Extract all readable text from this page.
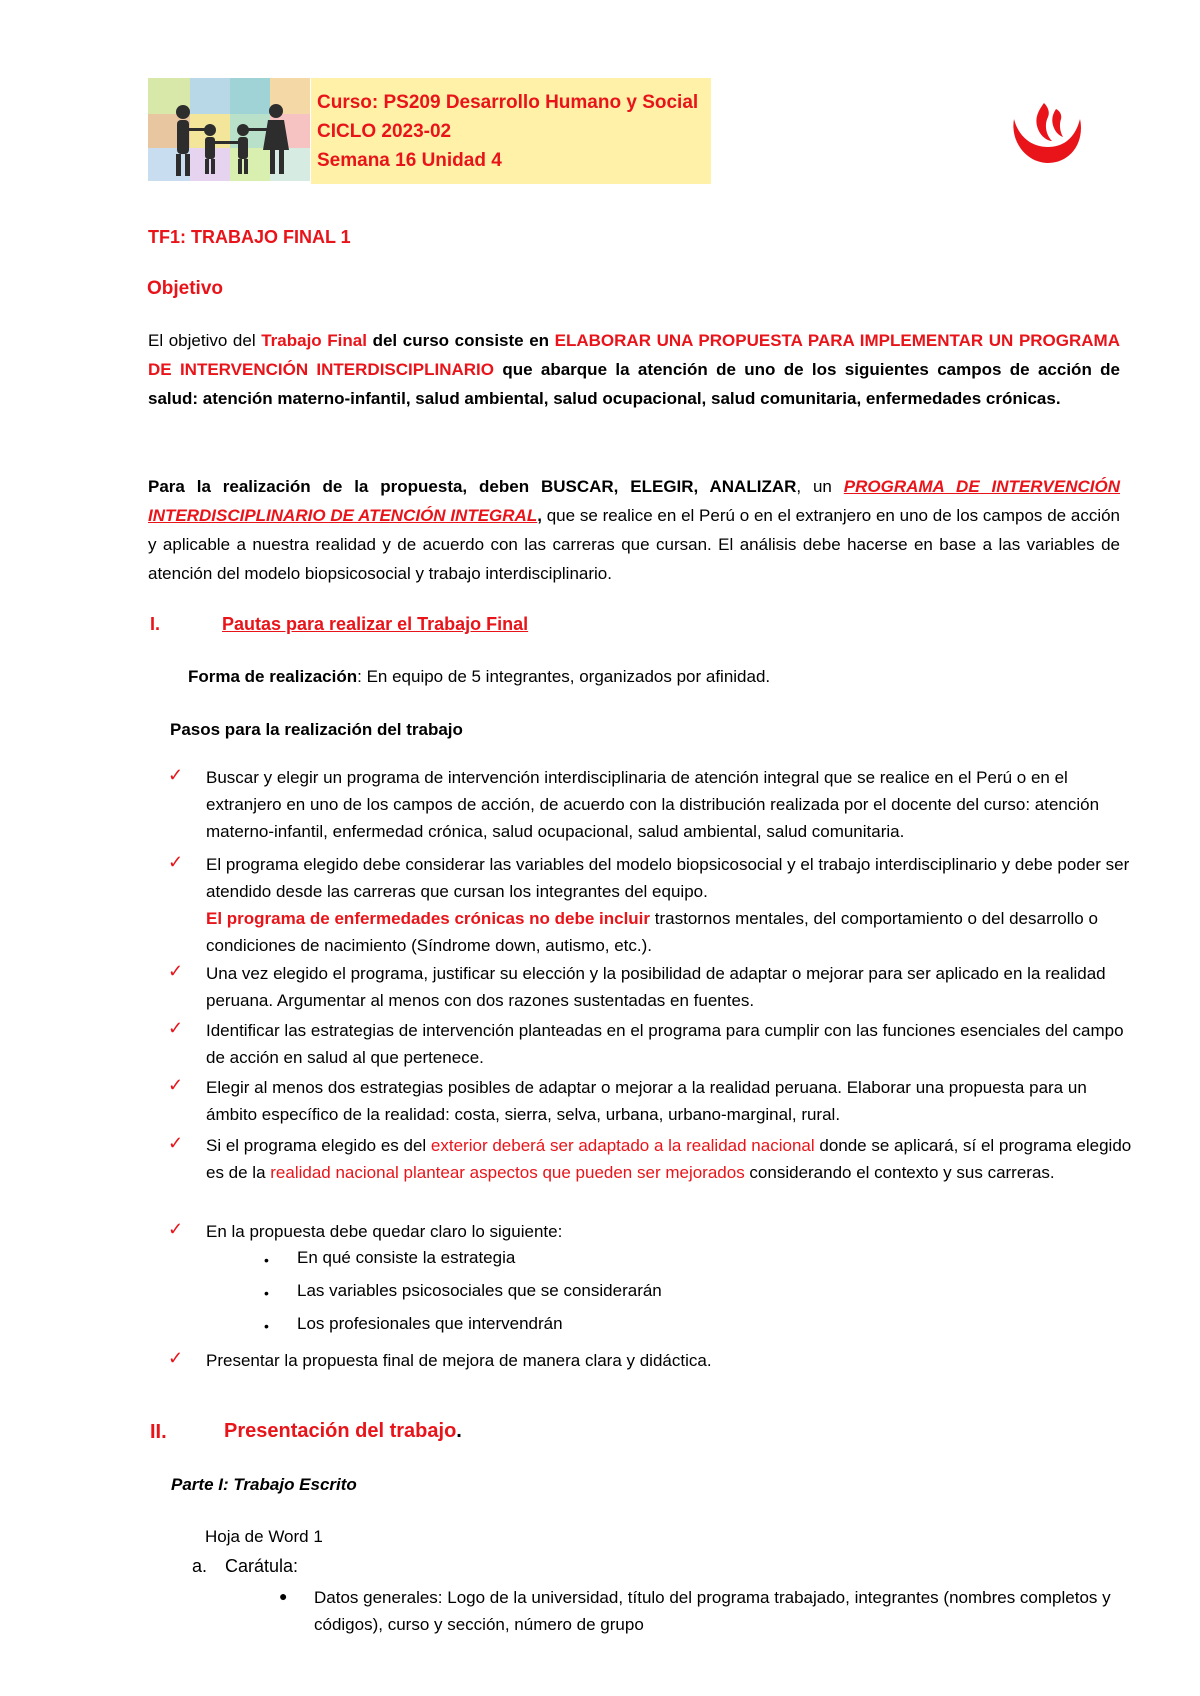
Curso: PS209 Desarrollo Humano y Social
CICLO 2023-02
Semana 16 Unidad 4
TF1: TRABAJO FINAL 1
Objetivo
El objetivo del Trabajo Final del curso consiste en ELABORAR UNA PROPUESTA PARA IMPLEMENTAR UN PROGRAMA DE INTERVENCIÓN INTERDISCIPLINARIO que abarque la atención de uno de los siguientes campos de acción de salud: atención materno-infantil, salud ambiental, salud ocupacional, salud comunitaria, enfermedades crónicas.
Para la realización de la propuesta, deben BUSCAR, ELEGIR, ANALIZAR, un PROGRAMA DE INTERVENCIÓN INTERDISCIPLINARIO DE ATENCIÓN INTEGRAL, que se realice en el Perú o en el extranjero en uno de los campos de acción y aplicable a nuestra realidad y de acuerdo con las carreras que cursan. El análisis debe hacerse en base a las variables de atención del modelo biopsicosocial y trabajo interdisciplinario.
I.	Pautas para realizar el Trabajo Final
Forma de realización: En equipo de 5 integrantes, organizados por afinidad.
Pasos para la realización del trabajo
✓ Buscar y elegir un programa de intervención interdisciplinaria de atención integral que se realice en el Perú o en el extranjero en uno de los campos de acción, de acuerdo con la distribución realizada por el docente del curso: atención materno-infantil, enfermedad crónica, salud ocupacional, salud ambiental, salud comunitaria.
✓ El programa elegido debe considerar las variables del modelo biopsicosocial y el trabajo interdisciplinario y debe poder ser atendido desde las carreras que cursan los integrantes del equipo.
El programa de enfermedades crónicas no debe incluir trastornos mentales, del comportamiento o del desarrollo o condiciones de nacimiento (Síndrome down, autismo, etc.).
✓ Una vez elegido el programa, justificar su elección y la posibilidad de adaptar o mejorar para ser aplicado en la realidad peruana. Argumentar al menos con dos razones sustentadas en fuentes.
✓ Identificar las estrategias de intervención planteadas en el programa para cumplir con las funciones esenciales del campo de acción en salud al que pertenece.
✓ Elegir al menos dos estrategias posibles de adaptar o mejorar a la realidad peruana. Elaborar una propuesta para un ámbito específico de la realidad: costa, sierra, selva, urbana, urbano-marginal, rural.
✓ Si el programa elegido es del exterior deberá ser adaptado a la realidad nacional donde se aplicará, sí el programa elegido es de la realidad nacional plantear aspectos que pueden ser mejorados considerando el contexto y sus carreras.
✓ En la propuesta debe quedar claro lo siguiente:
• En qué consiste la estrategia
• Las variables psicosociales que se considerarán
• Los profesionales que intervendrán
✓ Presentar la propuesta final de mejora de manera clara y didáctica.
II.	Presentación del trabajo.
Parte I: Trabajo Escrito
Hoja de Word 1
a. Carátula:
● Datos generales: Logo de la universidad, título del programa trabajado, integrantes (nombres completos y códigos), curso y sección, número de grupo
